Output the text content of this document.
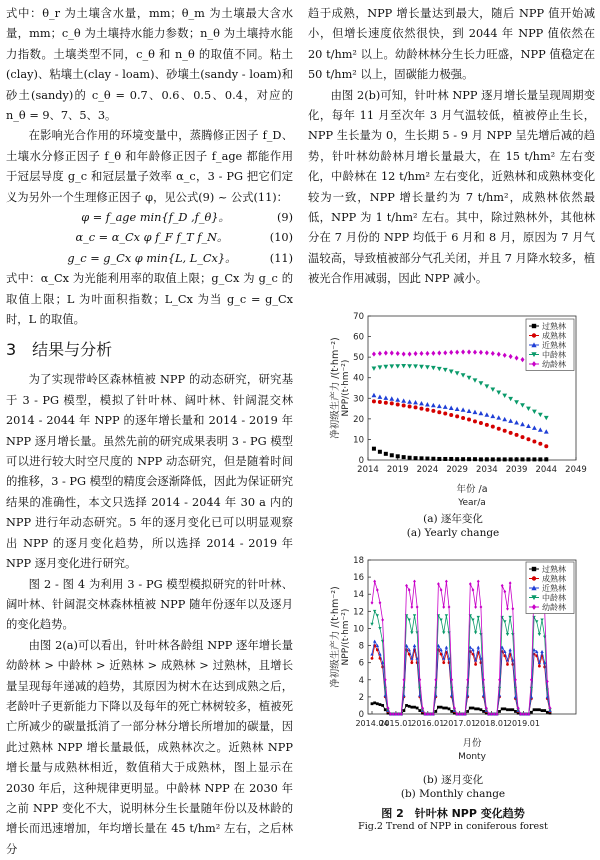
式中：θ_r 为土壤含水量，mm；θ_m 为土壤最大含水量，mm；c_θ 为土壤持水能力参数；n_θ 为土壤持水能力指数。土壤类型不同，c_θ 和 n_θ 的取值不同。粘土(clay)、粘壤土(clay - loam)、砂壤土(sandy - loam)和砂土(sandy)的 c_θ = 0.7、0.6、0.5、0.4，对应的 n_θ = 9、7、5、3。

在影响光合作用的环境变量中，蒸腾修正因子 f_D、土壤水分修正因子 f_θ 和年龄修正因子 f_age 都能作用于冠层导度 g_c 和冠层量子效率 α_c，3 - PG 把它们定义为另外一个生理修正因子 φ，见公式(9) ~ 公式(11)：

φ = f_age min{f_D ,f_θ}。	(9)
α_c = α_Cx φ f_F f_T f_N。	(10)
g_c = g_Cx φ min{L, L_Cx}。	(11)

式中：α_Cx 为光能利用率的取值上限；g_Cx 为 g_c 的取值上限；L 为叶面积指数；L_Cx 为当 g_c = g_Cx 时，L 的取值。

3　结果与分析

为了实现带岭区森林植被 NPP 的动态研究，研究基于 3 - PG 模型，模拟了针叶林、阔叶林、针阔混交林 2014 - 2044 年 NPP 的逐年增长量和 2014 - 2019 年 NPP 逐月增长量。虽然先前的研究成果表明 3 - PG 模型可以进行较大时空尺度的 NPP 动态研究，但是随着时间的推移，3 - PG 模型的精度会逐渐降低，因此为保证研究结果的准确性，本文只选择 2014 - 2044 年 30 a 内的 NPP 进行年动态研究。5 年的逐月变化已可以明显观察出 NPP 的逐月变化趋势，所以选择 2014 - 2019 年 NPP 逐月变化进行研究。

图 2 - 图 4 为利用 3 - PG 模型模拟研究的针叶林、阔叶林、针阔混交林森林植被 NPP 随年份逐年以及逐月的变化趋势。

由图 2(a)可以看出，针叶林各龄组 NPP 逐年增长量幼龄林 > 中龄林 > 近熟林 > 成熟林 > 过熟林，且增长量呈现每年递减的趋势，其原因为树木在达到成熟之后，老龄叶子更新能力下降以及每年的死亡林树较多，植被死亡所减少的碳量抵消了一部分林分增长所增加的碳量，因此过熟林 NPP 增长量最低，成熟林次之。近熟林 NPP 增长量与成熟林相近，数值稍大于成熟林，图上显示在 2030 年后，这种规律更明显。中龄林 NPP 在 2030 年之前 NPP 变化不大，说明林分生长量随年份以及林龄的增长而迅速增加，年均增长量在 45 t/hm² 左右，之后林分

趋于成熟，NPP 增长量达到最大，随后 NPP 值开始减小，但增长速度依然很快，到 2044 年 NPP 值依然在 20 t/hm² 以上。幼龄林林分生长力旺盛，NPP 值稳定在 50 t/hm² 以上，固碳能力极强。

由图 2(b)可知，针叶林 NPP 逐月增长量呈现周期变化，每年 11 月至次年 3 月气温较低，植被停止生长，NPP 生长量为 0，生长期 5 - 9 月 NPP 呈先增后减的趋势，针叶林幼龄林月增长量最大，在 15 t/hm² 左右变化，中龄林在 12 t/hm² 左右变化，近熟林和成熟林变化较为一致，NPP 增长量约为 7 t/hm²，成熟林依然最低，NPP 为 1 t/hm² 左右。其中，除过熟林外，其他林分在 7 月份的 NPP 均低于 6 月和 8 月，原因为 7 月气温较高，导致植被部分气孔关闭，并且 7 月降水较多，植被光合作用减弱，因此 NPP 减小。

0
10
20
30
40
50
60
70
2014 2019 2024 2029 2034 2039 2044 2049
净初级生产力 /(t·hm⁻²) NPP/(t·hm⁻²)
年份 /a
Year/a
过熟林
成熟林
近熟林
中龄林
幼龄林
(a) 逐年变化
(a) Yearly change
0
2
4
6
8
10
12
14
16
18
2014.04
2015.01
2016.01
2017.01
2018.01
2019.01
净初级生产力 /(t·hm⁻²) NPP/(t·hm⁻²)
月份
Monty
过熟林
成熟林
近熟林
中龄林
幼龄林
(b) 逐月变化
(b) Monthly change
图 2　针叶林 NPP 变化趋势
Fig.2 Trend of NPP in coniferous forest
